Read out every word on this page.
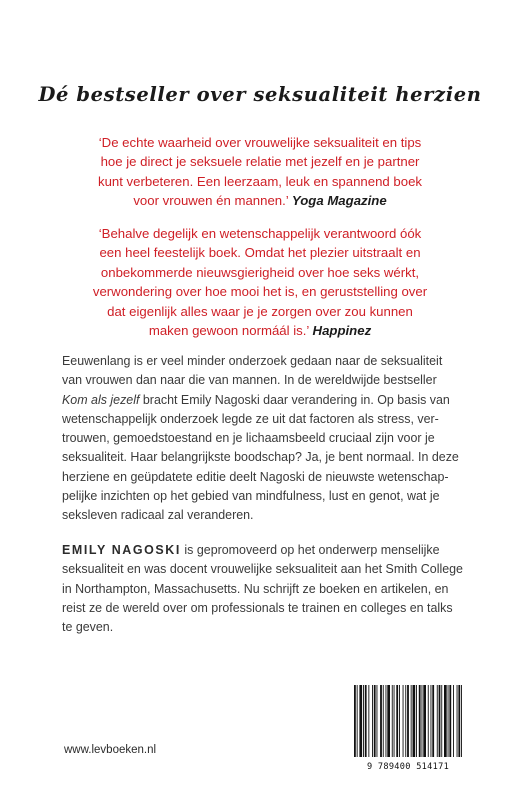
Dé bestseller over seksualiteit herzien

‘De echte waarheid over vrouwelijke seksualiteit en tips
hoe je direct je seksuele relatie met jezelf en je partner
kunt verbeteren. Een leerzaam, leuk en spannend boek
voor vrouwen én mannen.’ Yoga Magazine

‘Behalve degelijk en wetenschappelijk verantwoord óók
een heel feestelijk boek. Omdat het plezier uitstraalt en
onbekommerde nieuwsgierigheid over hoe seks wérkt,
verwondering over hoe mooi het is, en geruststelling over
dat eigenlijk alles waar je je zorgen over zou kunnen
maken gewoon normáál is.’ Happinez

Eeuwenlang is er veel minder onderzoek gedaan naar de seksualiteit
van vrouwen dan naar die van mannen. In de wereldwijde bestseller
Kom als jezelf bracht Emily Nagoski daar verandering in. Op basis van
wetenschappelijk onderzoek legde ze uit dat factoren als stress, ver-
trouwen, gemoedstoestand en je lichaamsbeeld cruciaal zijn voor je
seksualiteit. Haar belangrijkste boodschap? Ja, je bent normaal. In deze
herziene en geüpdatete editie deelt Nagoski de nieuwste wetenschap-
pelijke inzichten op het gebied van mindfulness, lust en genot, wat je
seksleven radicaal zal veranderen.

EMILY NAGOSKI is gepromoveerd op het onderwerp menselijke
seksualiteit en was docent vrouwelijke seksualiteit aan het Smith College
in Northampton, Massachusetts. Nu schrijft ze boeken en artikelen, en
reist ze de wereld over om professionals te trainen en colleges en talks
te geven.

www.levboeken.nl
9 789400 514171
